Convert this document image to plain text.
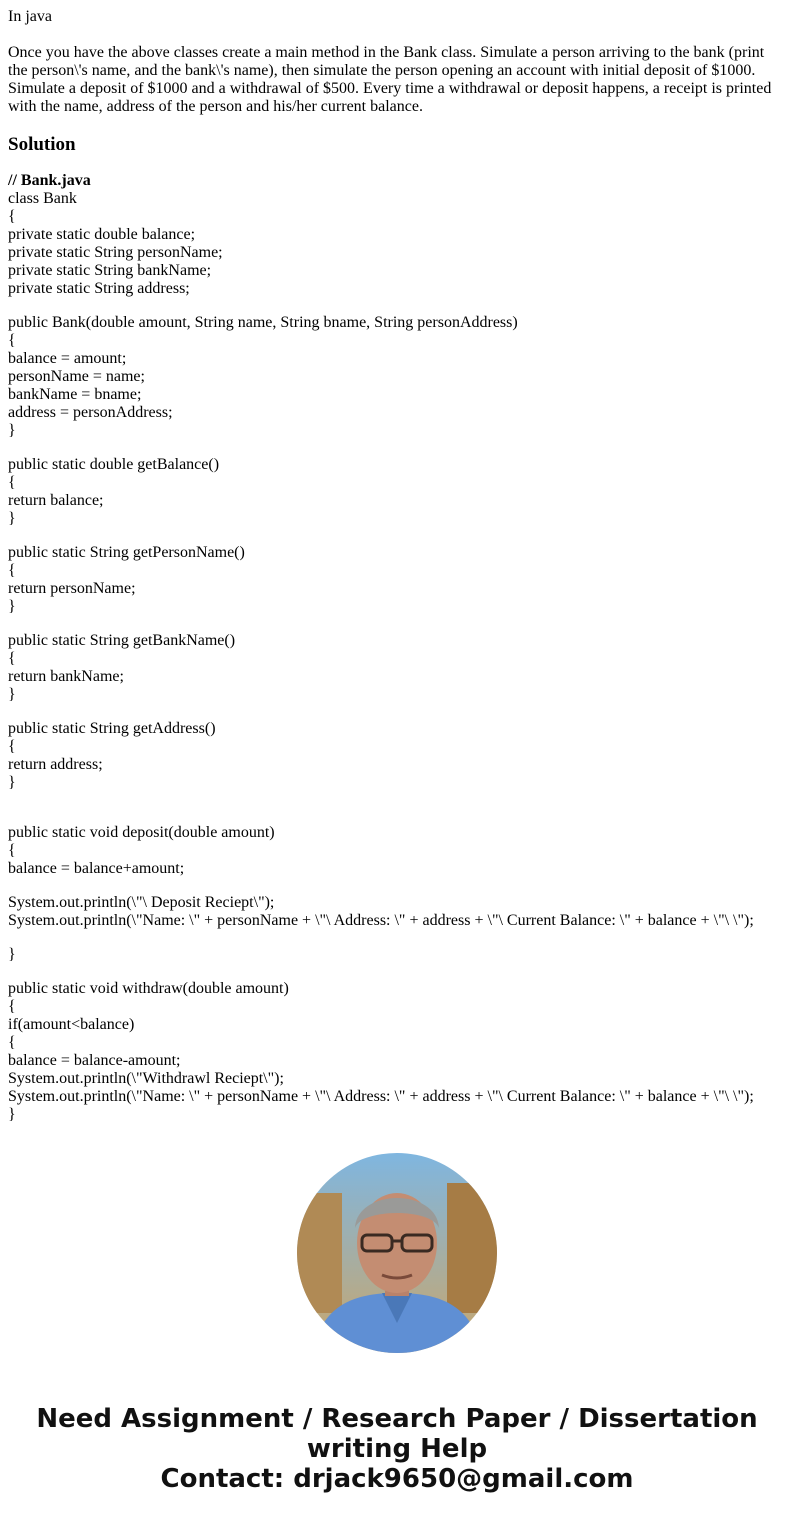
In java

Once you have the above classes create a main method in the Bank class. Simulate a person arriving to the bank (print the person\'s name, and the bank\'s name), then simulate the person opening an account with initial deposit of $1000. Simulate a deposit of $1000 and a withdrawal of $500. Every time a withdrawal or deposit happens, a receipt is printed with the name, address of the person and his/her current balance.

Solution
// Bank.java
class Bank
{
private static double balance;
private static String personName;
private static String bankName;
private static String address;
public Bank(double amount, String name, String bname, String personAddress)
{
balance = amount;
personName = name;
bankName = bname;
address = personAddress;
}
public static double getBalance()
{
return balance;
}
public static String getPersonName()
{
return personName;
}
public static String getBankName()
{
return bankName;
}
public static String getAddress()
{
return address;
}
public static void deposit(double amount)
{
balance = balance+amount;
System.out.println(\"\ Deposit Reciept\");
System.out.println(\"Name: \" + personName + \"\ Address: \" + address + \"\ Current Balance: \" + balance + \"\ \");
}
public static void withdraw(double amount)
{
if(amount<balance)
{
balance = balance-amount;
System.out.println(\"Withdrawl Reciept\");
System.out.println(\"Name: \" + personName + \"\ Address: \" + address + \"\ Current Balance: \" + balance + \"\ \");
}
Need Assignment / Research Paper / Dissertation
writing Help
Contact: drjack9650@gmail.com
